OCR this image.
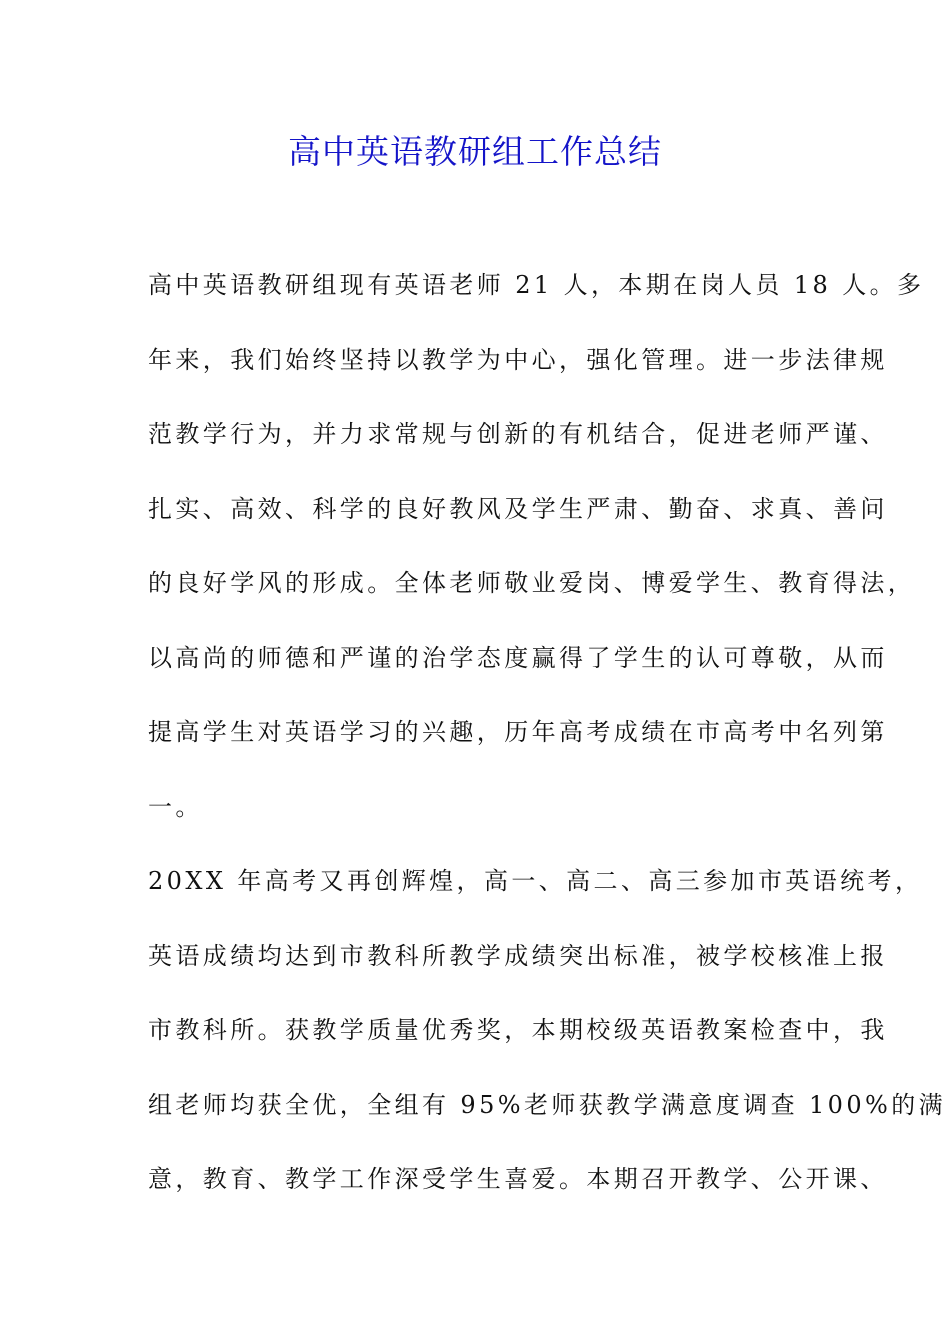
高中英语教研组工作总结
高中英语教研组现有英语老师 21 人，本期在岗人员 18 人。多
年来，我们始终坚持以教学为中心，强化管理。进一步法律规
范教学行为，并力求常规与创新的有机结合，促进老师严谨、
扎实、高效、科学的良好教风及学生严肃、勤奋、求真、善问
的良好学风的形成。全体老师敬业爱岗、博爱学生、教育得法，
以高尚的师德和严谨的治学态度赢得了学生的认可尊敬，从而
提高学生对英语学习的兴趣，历年高考成绩在市高考中名列第
一。
20XX 年高考又再创辉煌，高一、高二、高三参加市英语统考，
英语成绩均达到市教科所教学成绩突出标准，被学校核准上报
市教科所。获教学质量优秀奖，本期校级英语教案检查中，我
组老师均获全优，全组有 95%老师获教学满意度调查 100%的满
意，教育、教学工作深受学生喜爱。本期召开教学、公开课、
